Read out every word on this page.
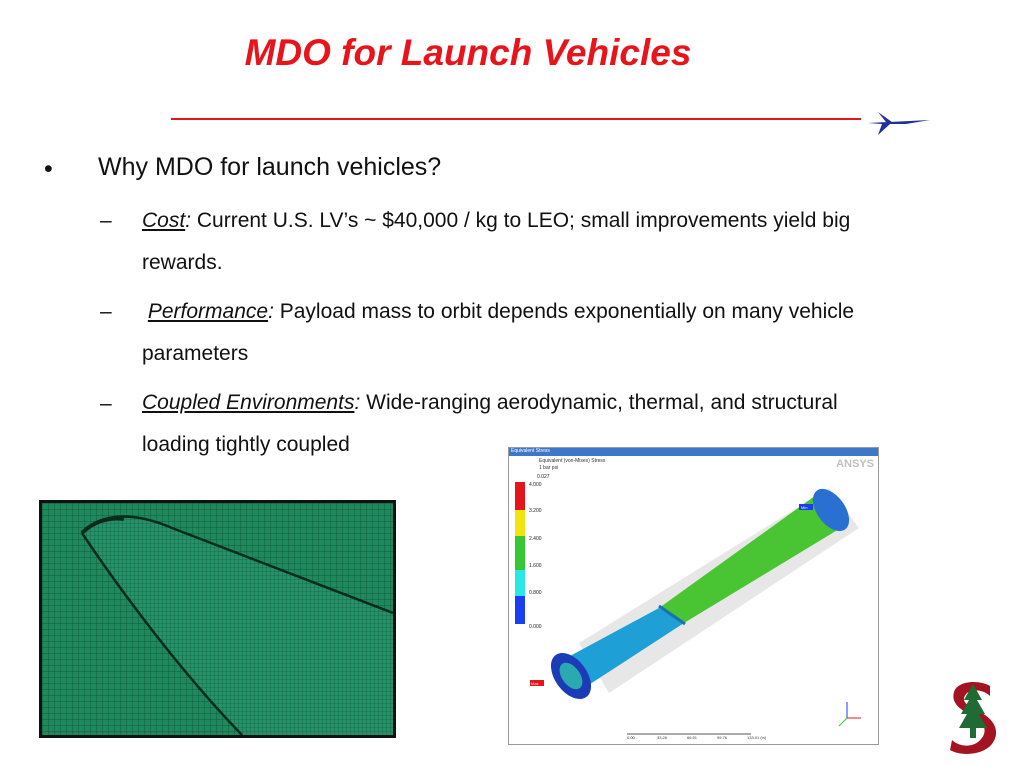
MDO for Launch Vehicles
• Why MDO for launch vehicles?
– Cost: Current U.S. LV’s ~ $40,000 / kg to LEO; small improvements yield big
rewards.
– Performance: Payload mass to orbit depends exponentially on many vehicle
parameters
– Coupled Environments: Wide-ranging aerodynamic, thermal, and structural
loading tightly coupled	Equivalent Stress
Equivalent (von-Mises) Stress
1 bar psi	ANSYS
0.027
4.000
3.200
2.400
1.600
0.800
0.000
Max
Min
0.00	33.26	66.51	99.76	133.01 (in)
